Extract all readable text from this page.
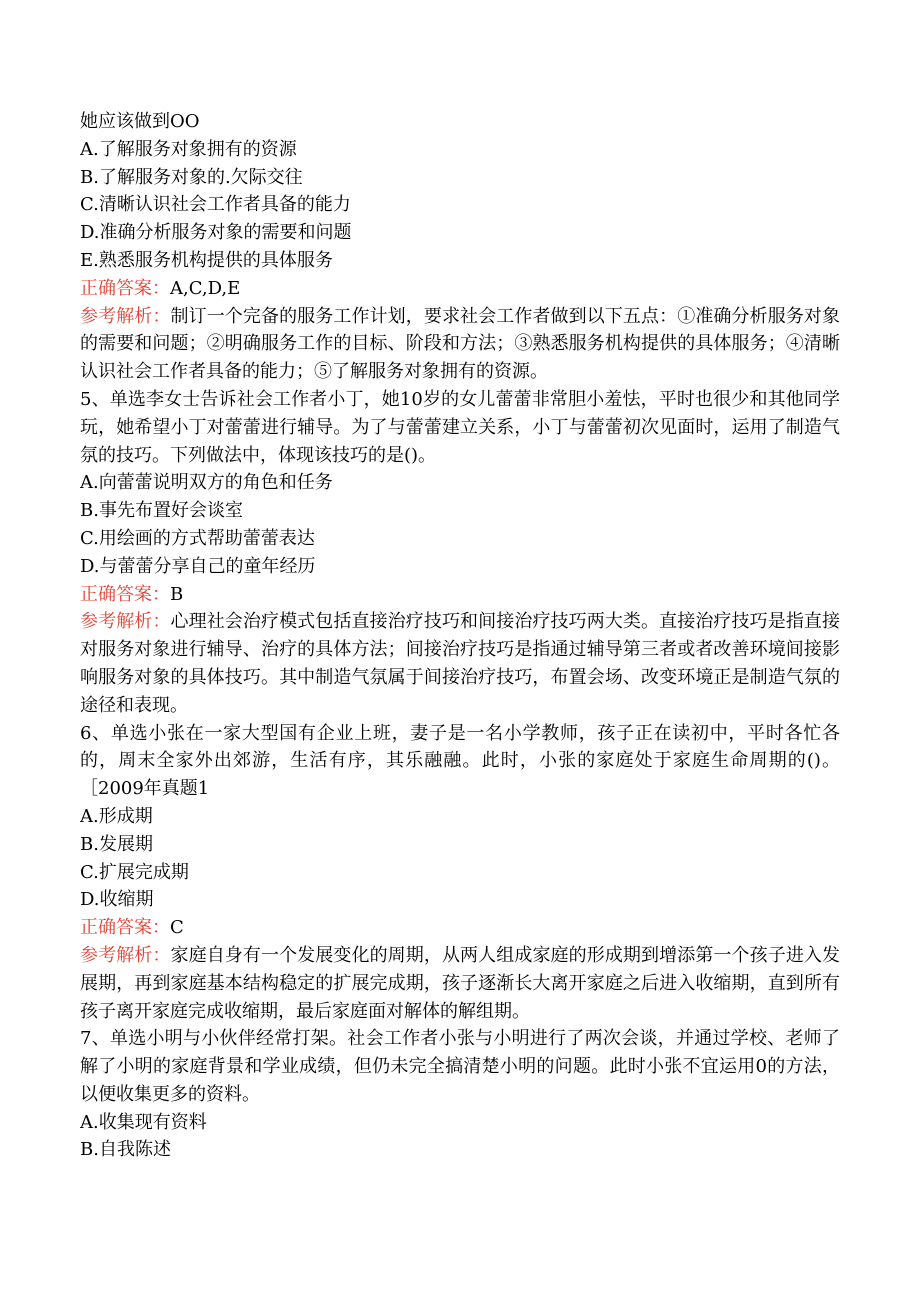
她应该做到OO
A.了解服务对象拥有的资源
B.了解服务对象的.欠际交往
C.清晰认识社会工作者具备的能力
D.准确分析服务对象的需要和问题
E.熟悉服务机构提供的具体服务
正确答案：A,C,D,E
参考解析：制订一个完备的服务工作计划，要求社会工作者做到以下五点：①准确分析服务对象的需要和问题；②明确服务工作的目标、阶段和方法；③熟悉服务机构提供的具体服务；④清晰认识社会工作者具备的能力；⑤了解服务对象拥有的资源。
5、单选李女士告诉社会工作者小丁，她10岁的女儿蕾蕾非常胆小羞怯，平时也很少和其他同学玩，她希望小丁对蕾蕾进行辅导。为了与蕾蕾建立关系，小丁与蕾蕾初次见面时，运用了制造气氛的技巧。下列做法中，体现该技巧的是()。
A.向蕾蕾说明双方的角色和任务
B.事先布置好会谈室
C.用绘画的方式帮助蕾蕾表达
D.与蕾蕾分享自己的童年经历
正确答案：B
参考解析：心理社会治疗模式包括直接治疗技巧和间接治疗技巧两大类。直接治疗技巧是指直接对服务对象进行辅导、治疗的具体方法；间接治疗技巧是指通过辅导第三者或者改善环境间接影响服务对象的具体技巧。其中制造气氛属于间接治疗技巧，布置会场、改变环境正是制造气氛的途径和表现。
6、单选小张在一家大型国有企业上班，妻子是一名小学教师，孩子正在读初中，平时各忙各的，周末全家外出郊游，生活有序，其乐融融。此时，小张的家庭处于家庭生命周期的()。［2009年真题1
A.形成期
B.发展期
C.扩展完成期
D.收缩期
正确答案：C
参考解析：家庭自身有一个发展变化的周期，从两人组成家庭的形成期到增添第一个孩子进入发展期，再到家庭基本结构稳定的扩展完成期，孩子逐渐长大离开家庭之后进入收缩期，直到所有孩子离开家庭完成收缩期，最后家庭面对解体的解组期。
7、单选小明与小伙伴经常打架。社会工作者小张与小明进行了两次会谈，并通过学校、老师了解了小明的家庭背景和学业成绩，但仍未完全搞清楚小明的问题。此时小张不宜运用0的方法，以便收集更多的资料。
A.收集现有资料
B.自我陈述
